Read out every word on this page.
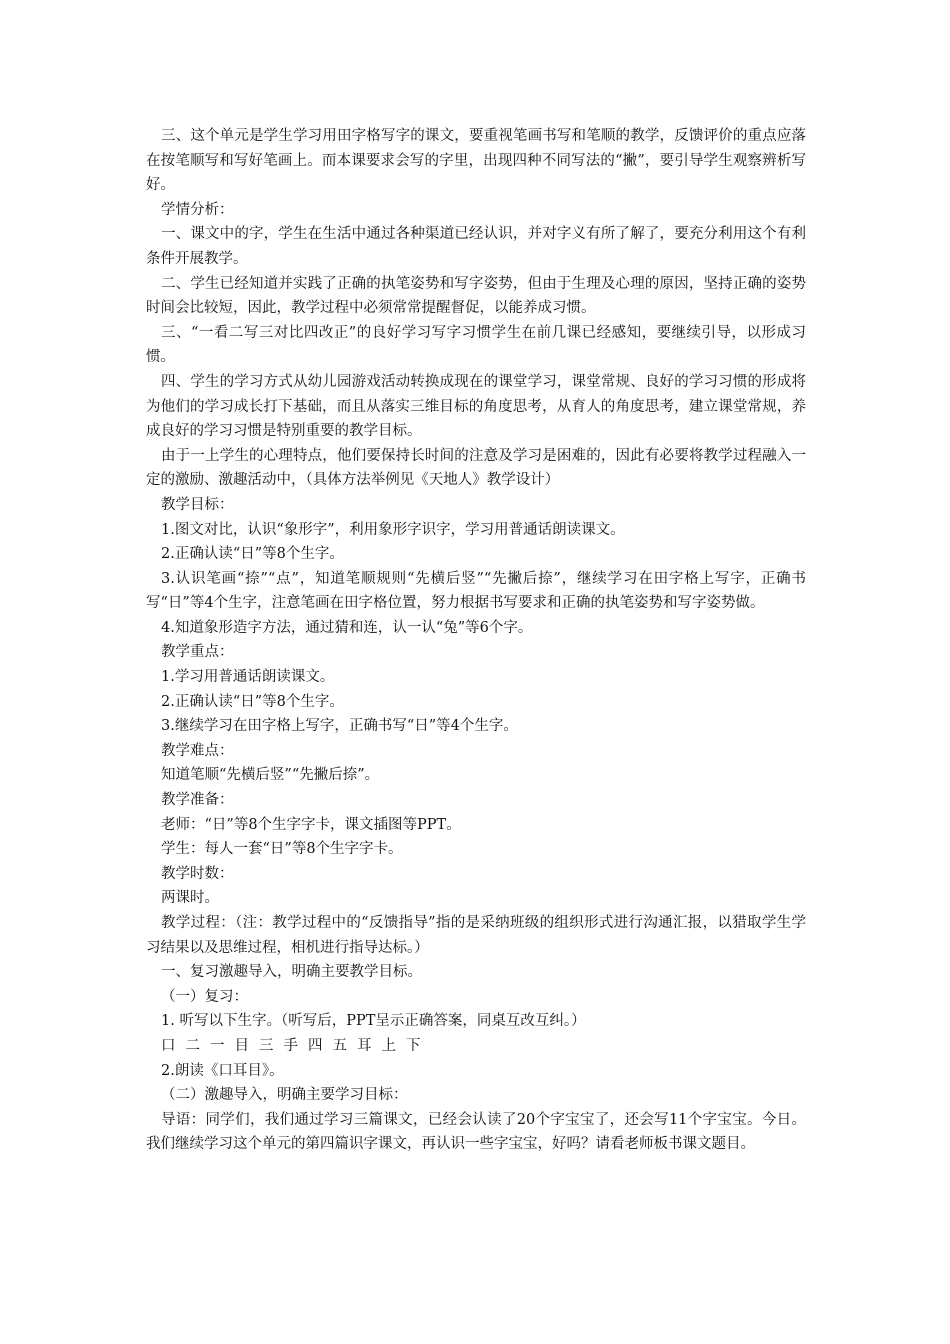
三、这个单元是学生学习用田字格写字的课文，要重视笔画书写和笔顺的教学，反馈评价的重点应落在按笔顺写和写好笔画上。而本课要求会写的字里，出现四种不同写法的“撇”，要引导学生观察辨析写好。

学情分析：

一、课文中的字，学生在生活中通过各种渠道已经认识，并对字义有所了解了，要充分利用这个有利条件开展教学。

二、学生已经知道并实践了正确的执笔姿势和写字姿势，但由于生理及心理的原因，坚持正确的姿势时间会比较短，因此，教学过程中必须常常提醒督促，以能养成习惯。

三、“一看二写三对比四改正”的良好学习写字习惯学生在前几课已经感知，要继续引导，以形成习惯。

四、学生的学习方式从幼儿园游戏活动转换成现在的课堂学习，课堂常规、良好的学习习惯的形成将为他们的学习成长打下基础，而且从落实三维目标的角度思考，从育人的角度思考，建立课堂常规，养成良好的学习习惯是特别重要的教学目标。

由于一上学生的心理特点，他们要保持长时间的注意及学习是困难的，因此有必要将教学过程融入一定的激励、激趣活动中，（具体方法举例见《天地人》教学设计）

教学目标：

1.图文对比，认识“象形字”，利用象形字识字，学习用普通话朗读课文。

2.正确认读“日”等8个生字。

3.认识笔画“捺”“点”，知道笔顺规则“先横后竖”“先撇后捺”，继续学习在田字格上写字，正确书写“日”等4个生字，注意笔画在田字格位置，努力根据书写要求和正确的执笔姿势和写字姿势做。

4.知道象形造字方法，通过猜和连，认一认“兔”等6个字。

教学重点：

1.学习用普通话朗读课文。

2.正确认读“日”等8个生字。

3.继续学习在田字格上写字，正确书写“日”等4个生字。

教学难点：

知道笔顺“先横后竖”“先撇后捺”。

教学准备：

老师：“日”等8个生字字卡，课文插图等PPT。

学生：每人一套“日”等8个生字字卡。

教学时数：

两课时。

教学过程：（注：教学过程中的“反馈指导”指的是采纳班级的组织形式进行沟通汇报，以猎取学生学习结果以及思维过程，相机进行指导达标。）

一、复习激趣导入，明确主要教学目标。

（一）复习：

1. 听写以下生字。（听写后，PPT呈示正确答案，同桌互改互纠。）

口 二 一 目 三 手 四 五 耳 上 下

2.朗读《口耳目》。

（二）激趣导入，明确主要学习目标：

导语：同学们，我们通过学习三篇课文，已经会认读了20个字宝宝了，还会写11个字宝宝。今日。我们继续学习这个单元的第四篇识字课文，再认识一些字宝宝，好吗？请看老师板书课文题目。
